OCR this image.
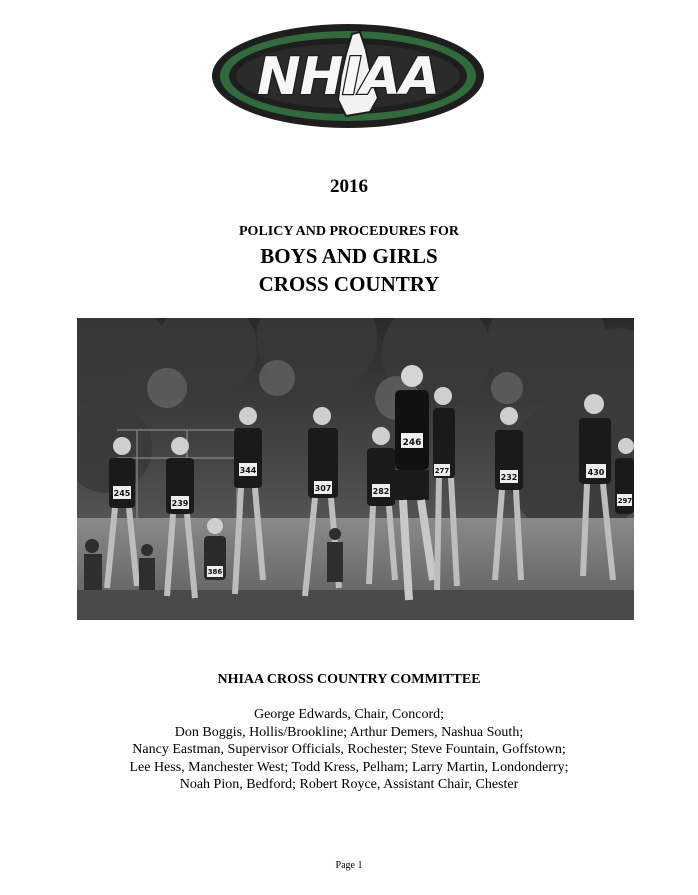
NHIAA
2016
POLICY AND PROCEDURES FOR
BOYS AND GIRLS
CROSS COUNTRY
245
239
344
307	282
246
277
232
430
297
386
NHIAA CROSS COUNTRY COMMITTEE
George Edwards, Chair, Concord;
Don Boggis, Hollis/Brookline; Arthur Demers, Nashua South;
Nancy Eastman, Supervisor Officials, Rochester; Steve Fountain, Goffstown;
Lee Hess, Manchester West; Todd Kress, Pelham; Larry Martin, Londonderry;
Noah Pion, Bedford; Robert Royce, Assistant Chair, Chester
Page 1
